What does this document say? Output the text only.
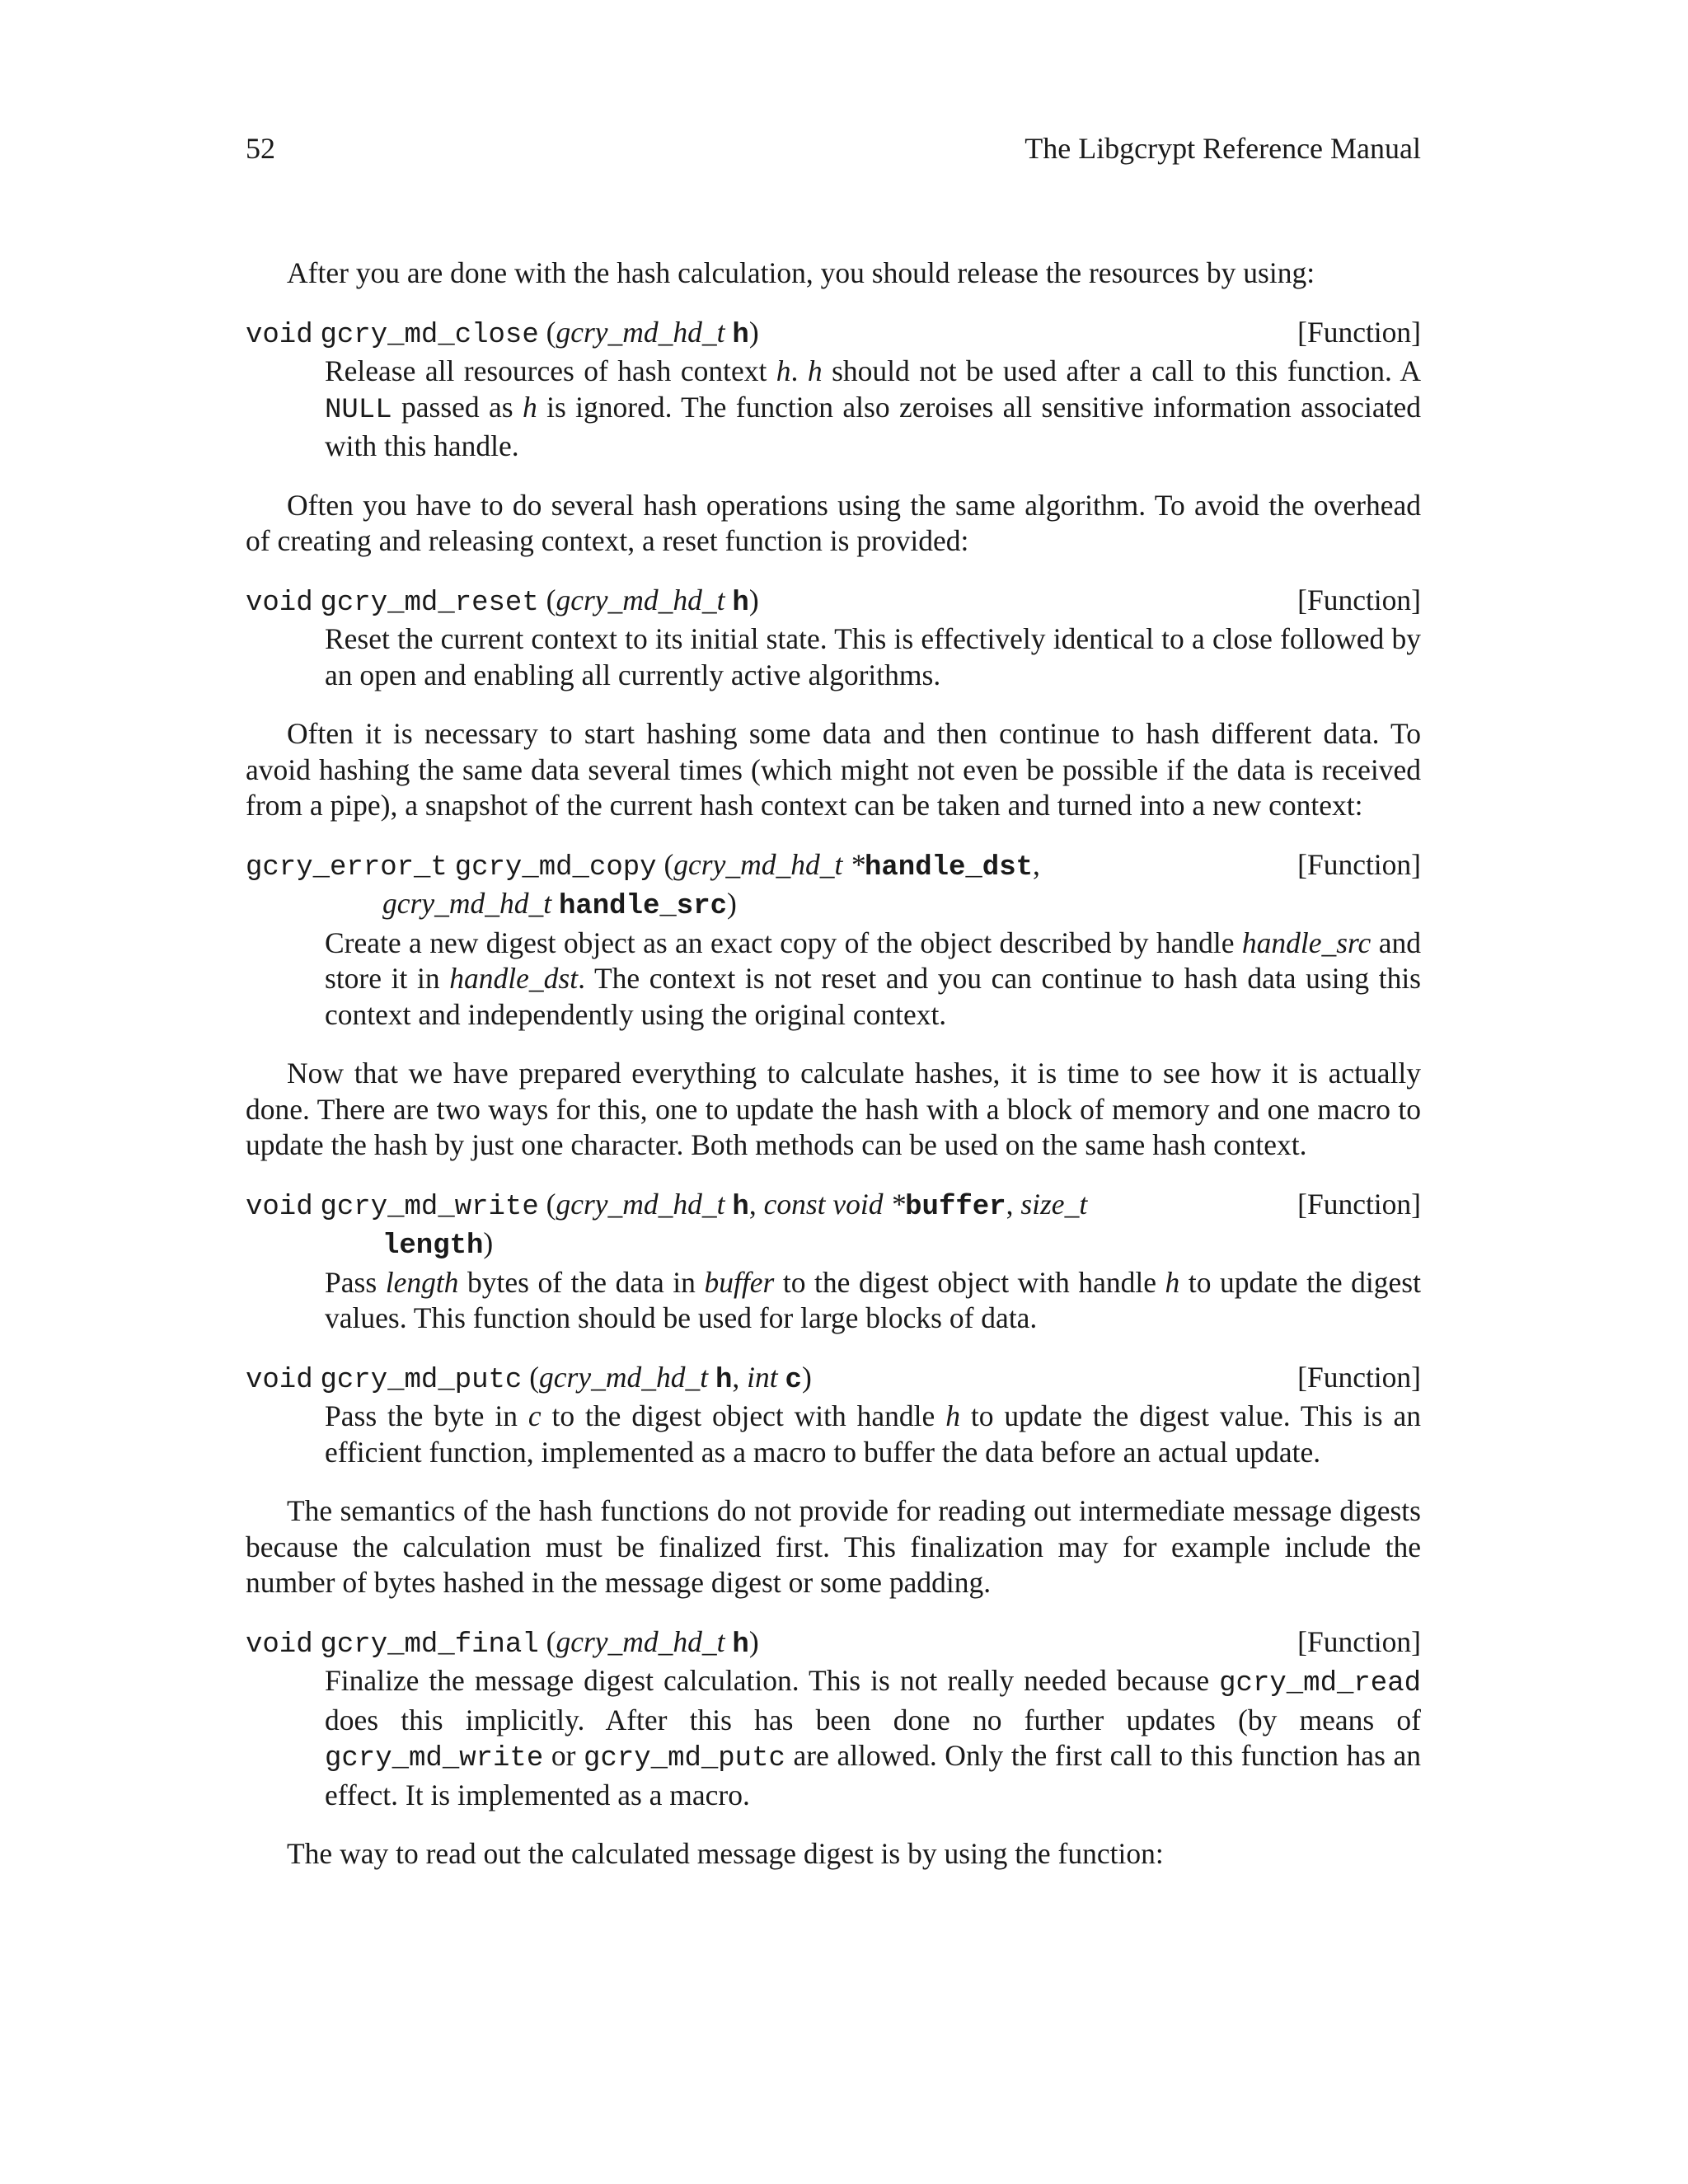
52	The Libgcrypt Reference Manual

After you are done with the hash calculation, you should release the resources by using:

void gcry_md_close (gcry_md_hd_t h)	[Function]
Release all resources of hash context h. h should not be used after a call to this function. A NULL passed as h is ignored. The function also zeroises all sensitive information associated with this handle.

Often you have to do several hash operations using the same algorithm. To avoid the overhead of creating and releasing context, a reset function is provided:

void gcry_md_reset (gcry_md_hd_t h)	[Function]
Reset the current context to its initial state. This is effectively identical to a close followed by an open and enabling all currently active algorithms.

Often it is necessary to start hashing some data and then continue to hash different data. To avoid hashing the same data several times (which might not even be possible if the data is received from a pipe), a snapshot of the current hash context can be taken and turned into a new context:

gcry_error_t gcry_md_copy (gcry_md_hd_t *handle_dst,	[Function]
gcry_md_hd_t handle_src)
Create a new digest object as an exact copy of the object described by handle handle_src and store it in handle_dst. The context is not reset and you can continue to hash data using this context and independently using the original context.

Now that we have prepared everything to calculate hashes, it is time to see how it is actually done. There are two ways for this, one to update the hash with a block of memory and one macro to update the hash by just one character. Both methods can be used on the same hash context.

void gcry_md_write (gcry_md_hd_t h, const void *buffer, size_t	[Function]
length)
Pass length bytes of the data in buffer to the digest object with handle h to update the digest values. This function should be used for large blocks of data.
void gcry_md_putc (gcry_md_hd_t h, int c)	[Function]
Pass the byte in c to the digest object with handle h to update the digest value. This is an efficient function, implemented as a macro to buffer the data before an actual update.

The semantics of the hash functions do not provide for reading out intermediate message digests because the calculation must be finalized first. This finalization may for example include the number of bytes hashed in the message digest or some padding.

void gcry_md_final (gcry_md_hd_t h)	[Function]
Finalize the message digest calculation. This is not really needed because gcry_md_read does this implicitly. After this has been done no further updates (by means of gcry_md_write or gcry_md_putc are allowed. Only the first call to this function has an effect. It is implemented as a macro.

The way to read out the calculated message digest is by using the function:
